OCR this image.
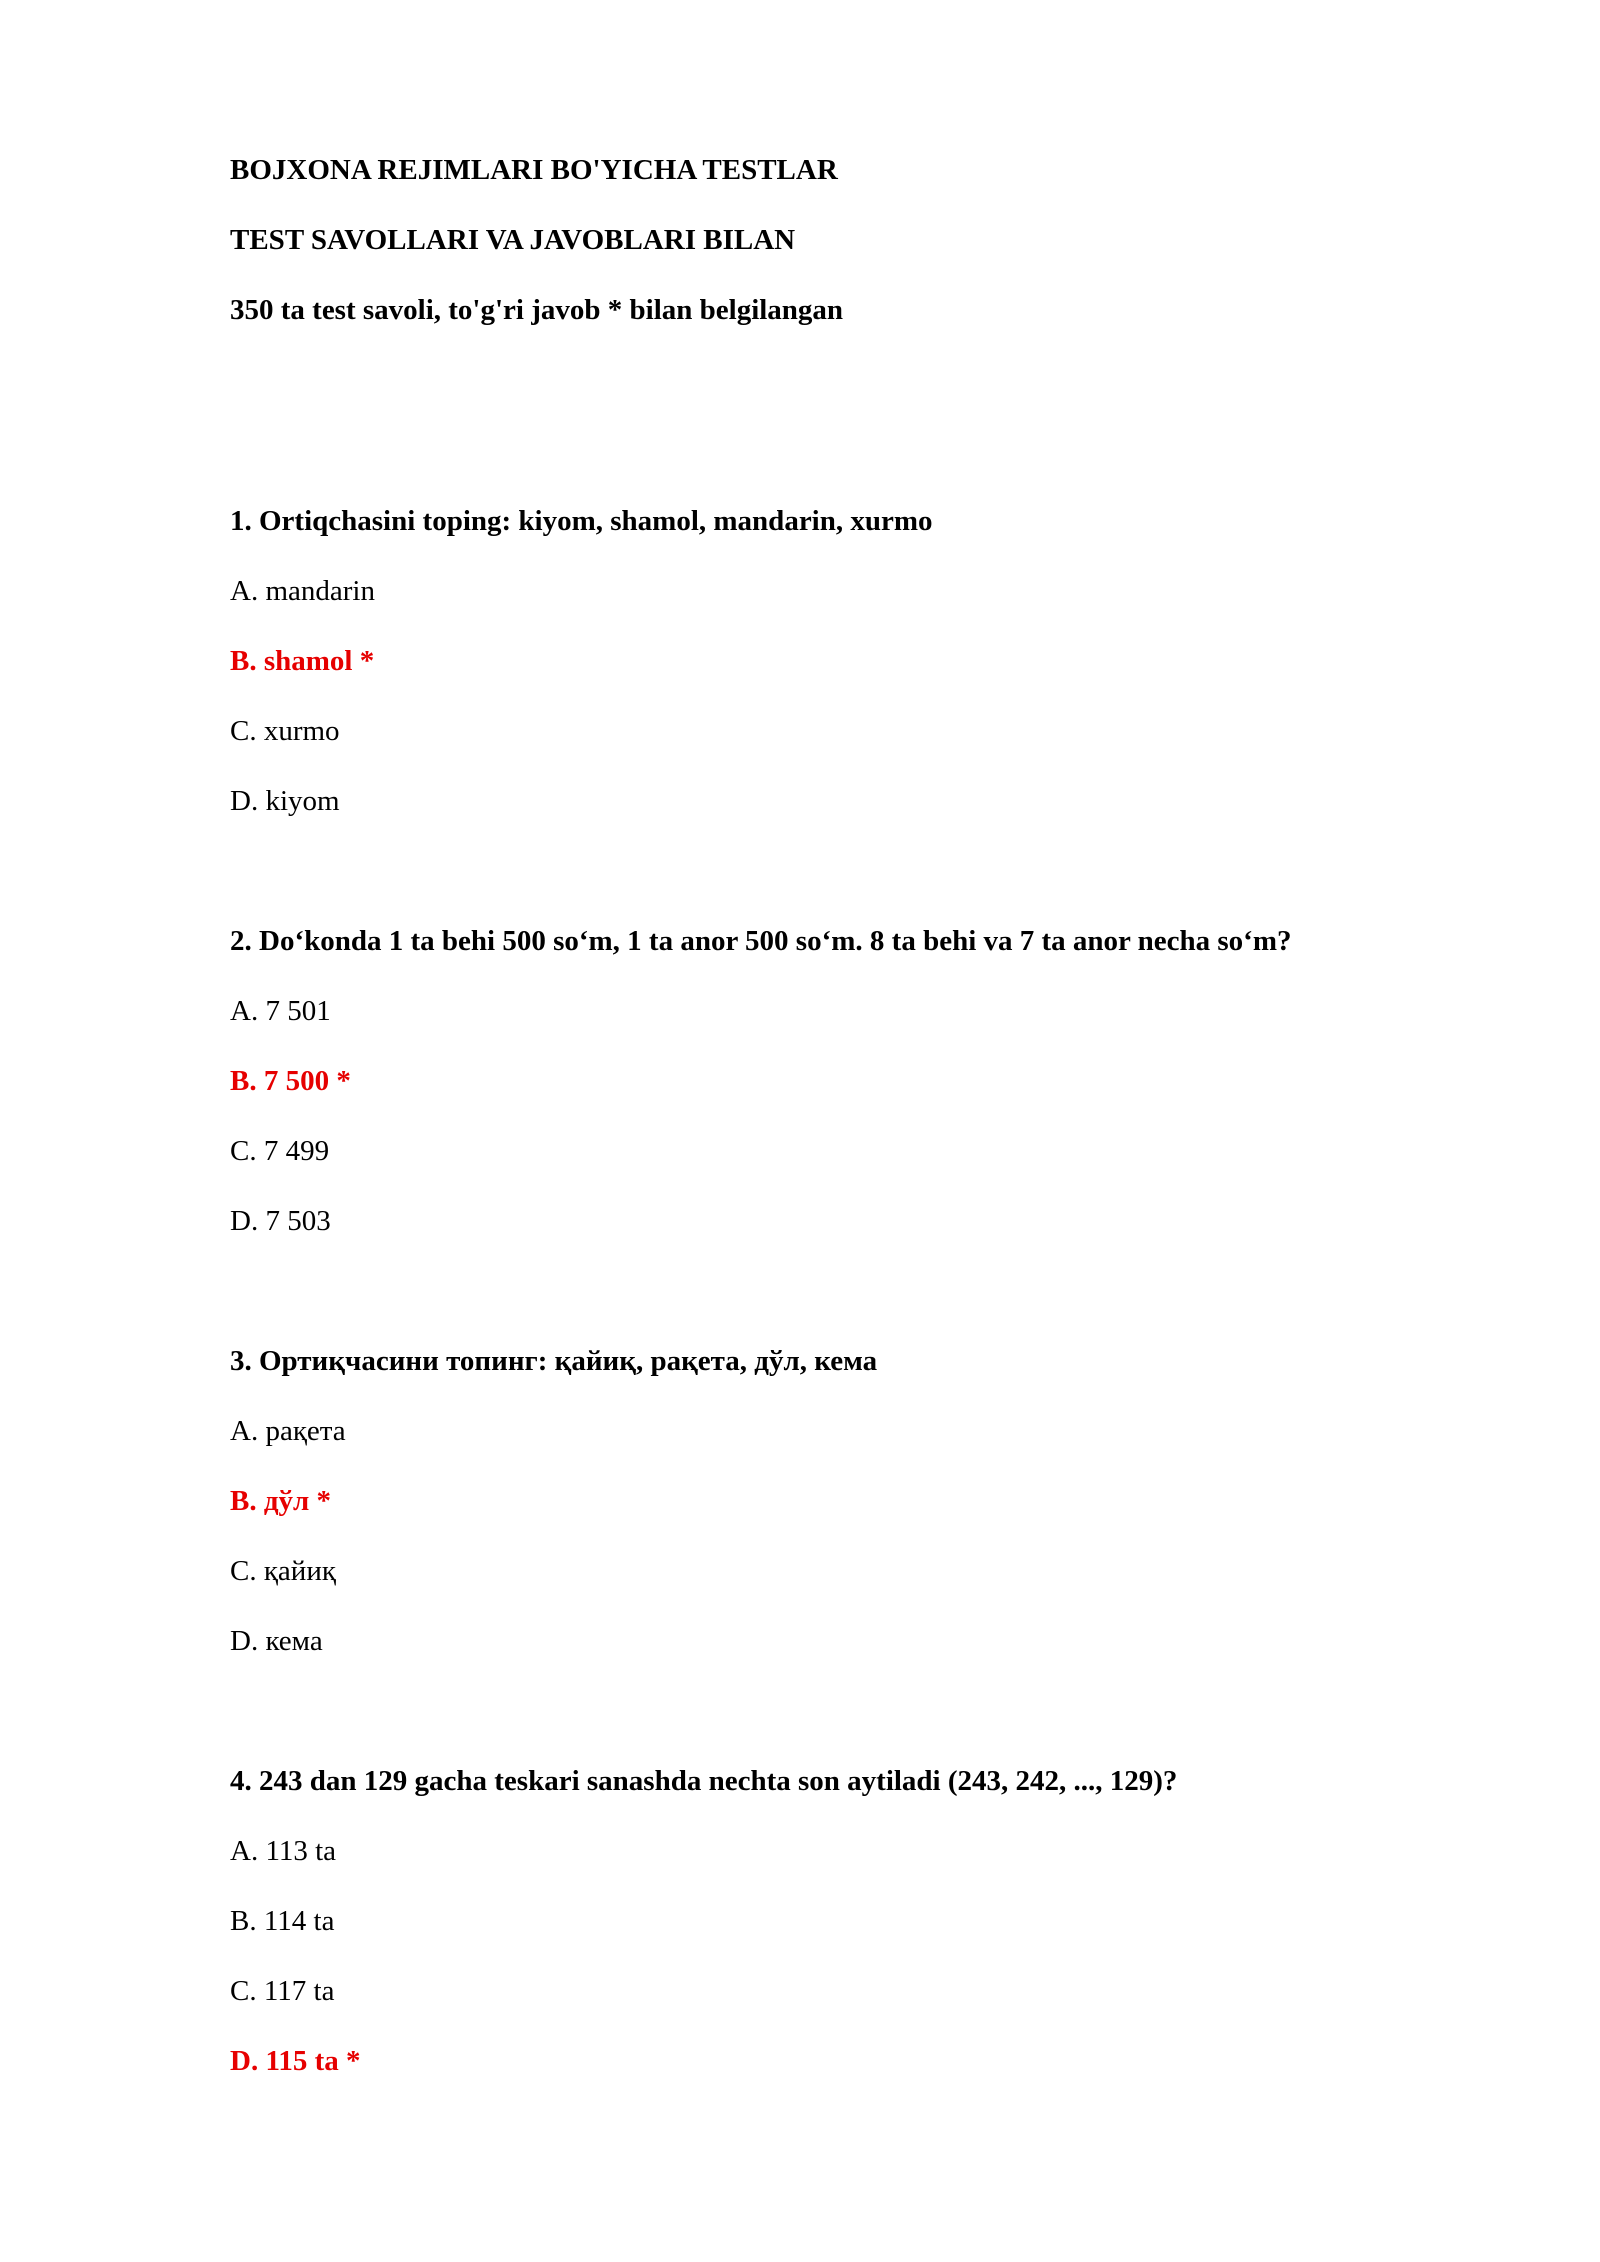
BOJXONA REJIMLARI BO'YICHA TESTLAR
TEST SAVOLLARI VA JAVOBLARI BILAN
350 ta test savoli, to'g'ri javob * bilan belgilangan
1. Ortiqchasini toping: kiyom, shamol, mandarin, xurmo
A. mandarin
B. shamol *
C. xurmo
D. kiyom
2. Do‘konda 1 ta behi 500 so‘m, 1 ta anor 500 so‘m. 8 ta behi va 7 ta anor necha so‘m?
A. 7 501
B. 7 500 *
C. 7 499
D. 7 503
3. Ортиқчасини топинг: қайиқ, рақета, дўл, кема
A. рақета
B. дўл *
C. қайиқ
D. кема
4. 243 dan 129 gacha teskari sanashda nechta son aytiladi (243, 242, ..., 129)?
A. 113 ta
B. 114 ta
C. 117 ta
D. 115 ta *
